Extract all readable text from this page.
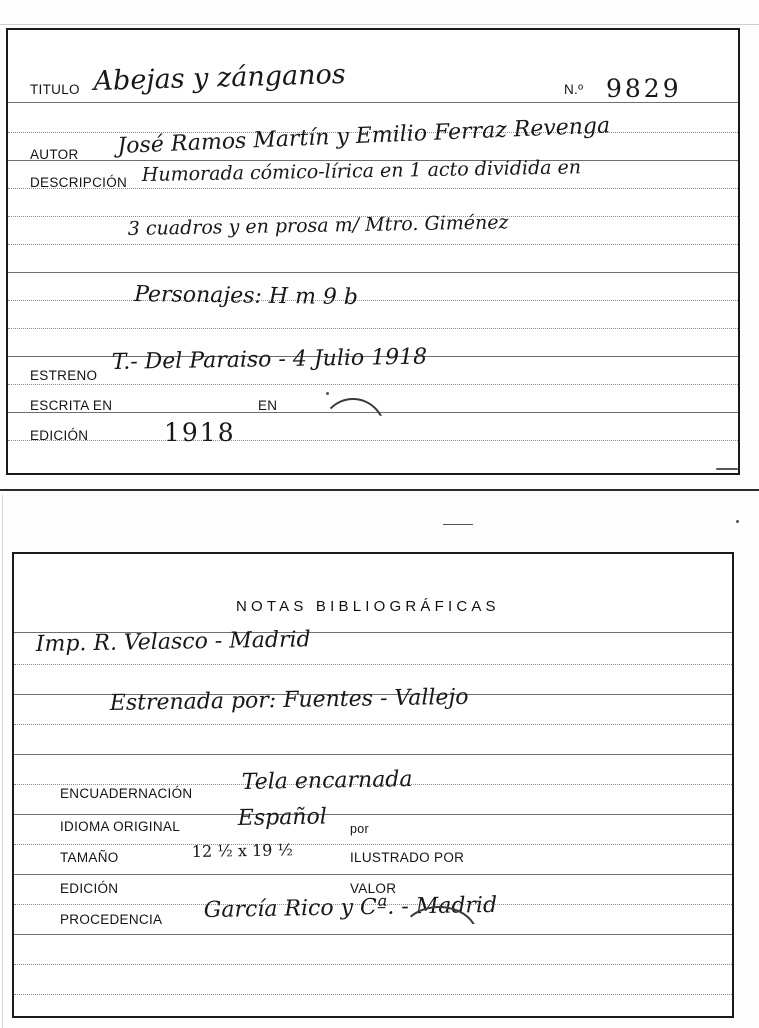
TITULO Abejas y zánganos	N.º 9829
AUTOR José Ramos Martín y Emilio Ferraz Revenga
DESCRIPCIÓN Humorada cómico-lírica en 1 acto dividida en
3 cuadros y en prosa m/ Mtro. Giménez
Personajes: H m 9 b
ESTRENO
T.- Del Paraiso - 4 Julio 1918
ESCRITA EN	EN
EDICIÓN	1918
NOTAS BIBLIOGRÁFICAS
Imp. R. Velasco - Madrid
Estrenada por: Fuentes - Vallejo
ENCUADERNACIÓN Tela encarnada
IDIOMA ORIGINAL	Español por
TAMAÑO	12 ½ x 19 ½	ILUSTRADO POR
EDICIÓN	VALOR
PROCEDENCIA García Rico y Cª. - Madrid
